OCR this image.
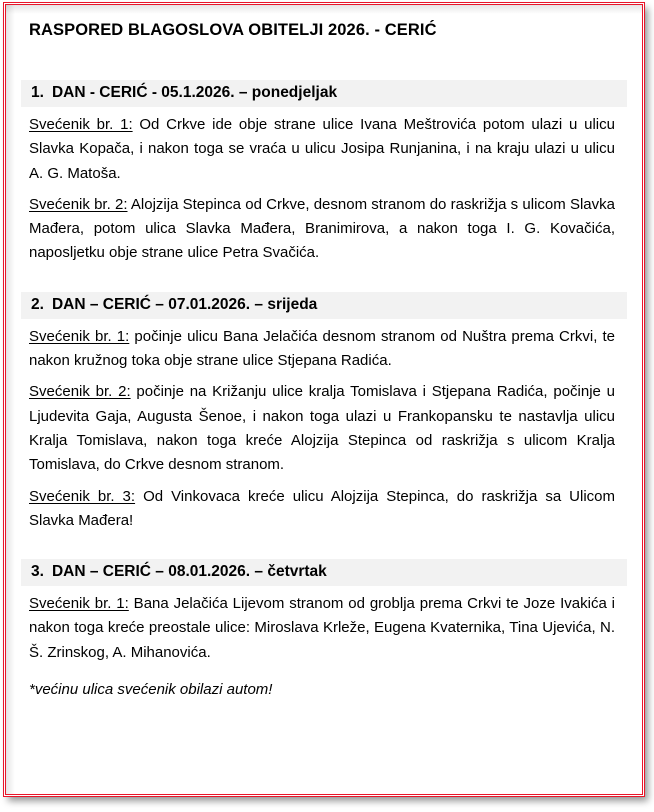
RASPORED BLAGOSLOVA OBITELJI 2026. - CERIĆ
1. DAN - CERIĆ - 05.1.2026. – ponedjeljak

Svećenik br. 1: Od Crkve ide obje strane ulice Ivana Meštrovića potom ulazi u ulicu Slavka Kopača, i nakon toga se vraća u ulicu Josipa Runjanina, i na kraju ulazi u ulicu A. G. Matoša.

Svećenik br. 2: Alojzija Stepinca od Crkve, desnom stranom do raskrižja s ulicom Slavka Mađera, potom ulica Slavka Mađera, Branimirova, a nakon toga I. G. Kovačića, naposljetku obje strane ulice Petra Svačića.

2. DAN – CERIĆ – 07.01.2026. – srijeda

Svećenik br. 1: počinje ulicu Bana Jelačića desnom stranom od Nuštra prema Crkvi, te nakon kružnog toka obje strane ulice Stjepana Radića.

Svećenik br. 2: počinje na Križanju ulice kralja Tomislava i Stjepana Radića, počinje u Ljudevita Gaja, Augusta Šenoe, i nakon toga ulazi u Frankopansku te nastavlja ulicu Kralja Tomislava, nakon toga kreće Alojzija Stepinca od raskrižja s ulicom Kralja Tomislava, do Crkve desnom stranom.

Svećenik br. 3: Od Vinkovaca kreće ulicu Alojzija Stepinca, do raskrižja sa Ulicom Slavka Mađera!

3. DAN – CERIĆ – 08.01.2026. – četvrtak

Svećenik br. 1: Bana Jelačića Lijevom stranom od groblja prema Crkvi te Joze Ivakića i nakon toga kreće preostale ulice: Miroslava Krleže, Eugena Kvaternika, Tina Ujevića, N. Š. Zrinskog, A. Mihanovića.

*većinu ulica svećenik obilazi autom!
